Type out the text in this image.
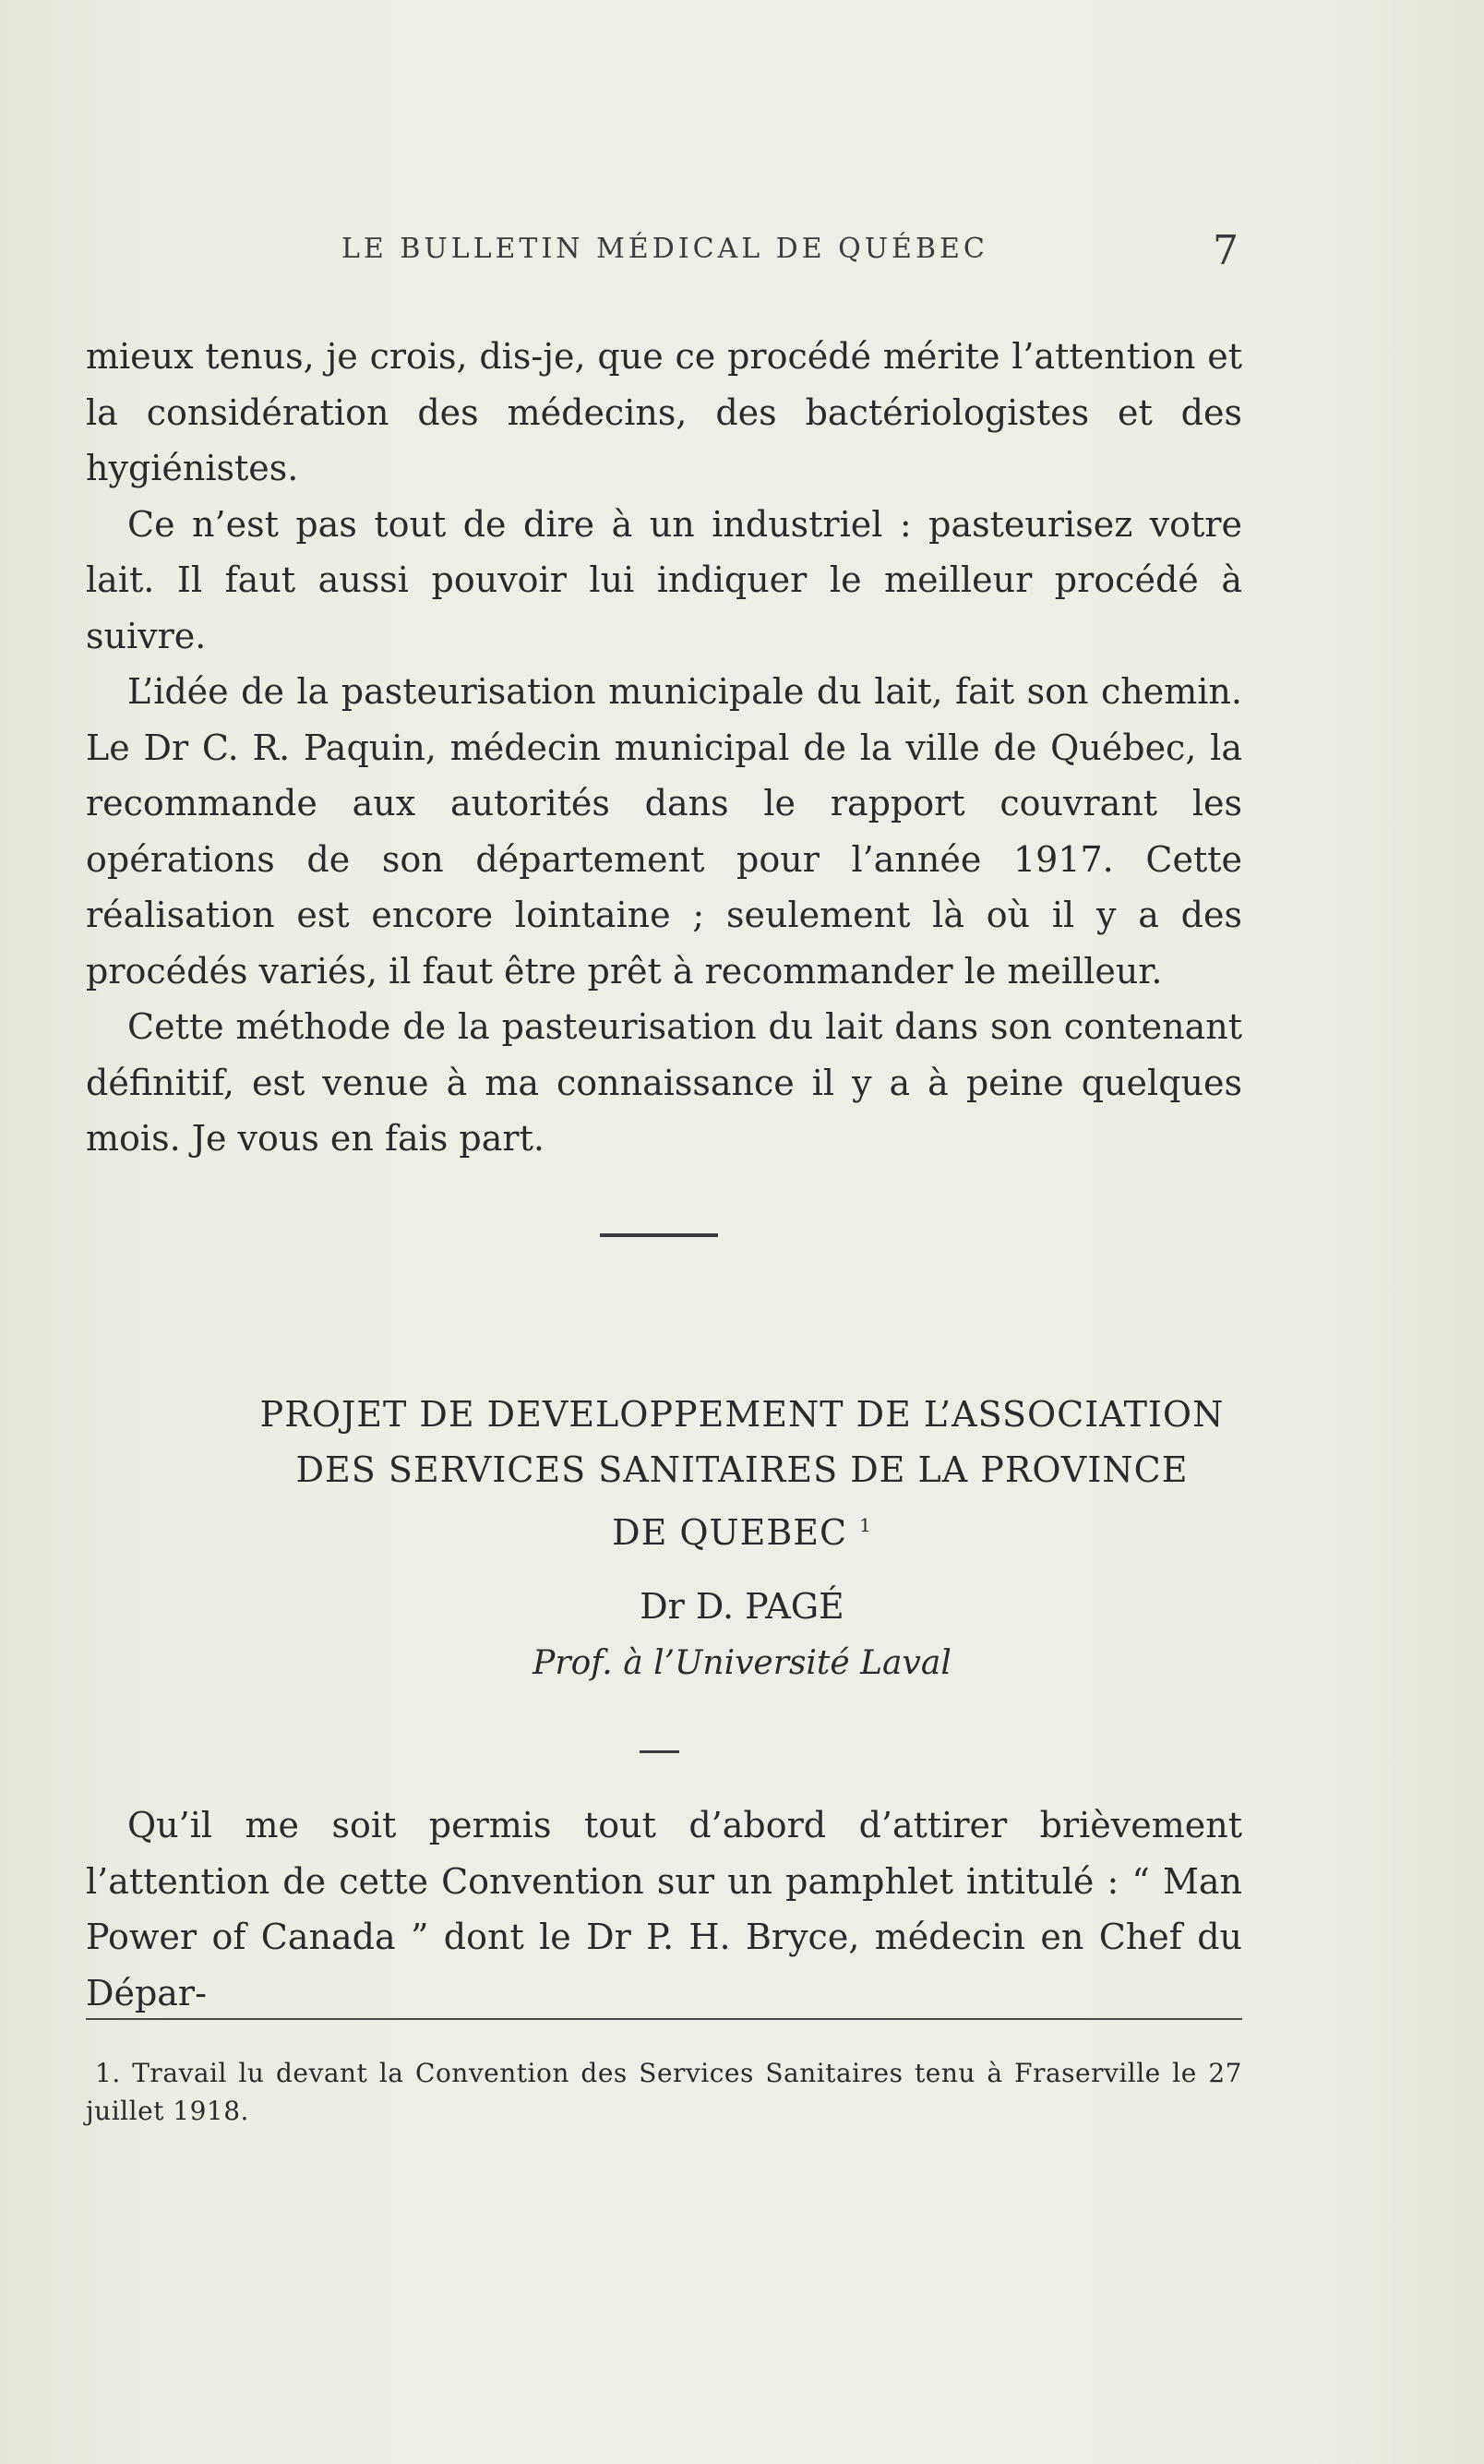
LE BULLETIN MÉDICAL DE QUÉBEC	7

mieux tenus, je crois, dis-je, que ce procédé mérite l’attention et la considération des médecins, des bactériologistes et des hygiénistes.

Ce n’est pas tout de dire à un industriel : pasteurisez votre lait. Il faut aussi pouvoir lui indiquer le meilleur procédé à suivre.

L’idée de la pasteurisation municipale du lait, fait son chemin. Le Dr C. R. Paquin, médecin municipal de la ville de Québec, la recommande aux autorités dans le rapport couvrant les opérations de son département pour l’année 1917. Cette réalisation est encore lointaine ; seulement là où il y a des procédés variés, il faut être prêt à recommander le meilleur.

Cette méthode de la pasteurisation du lait dans son contenant définitif, est venue à ma connaissance il y a à peine quelques mois. Je vous en fais part.

PROJET DE DEVELOPPEMENT DE L’ASSOCIATION
DES SERVICES SANITAIRES DE LA PROVINCE
DE QUEBEC $^1$
Dr D. PAGÉ
Prof. à l’Université Laval

Qu’il me soit permis tout d’abord d’attirer brièvement l’attention de cette Convention sur un pamphlet intitulé : “ Man Power of Canada ” dont le Dr P. H. Bryce, médecin en Chef du Dépar-

1. Travail lu devant la Convention des Services Sanitaires tenu à Fraserville le 27 juillet 1918.
